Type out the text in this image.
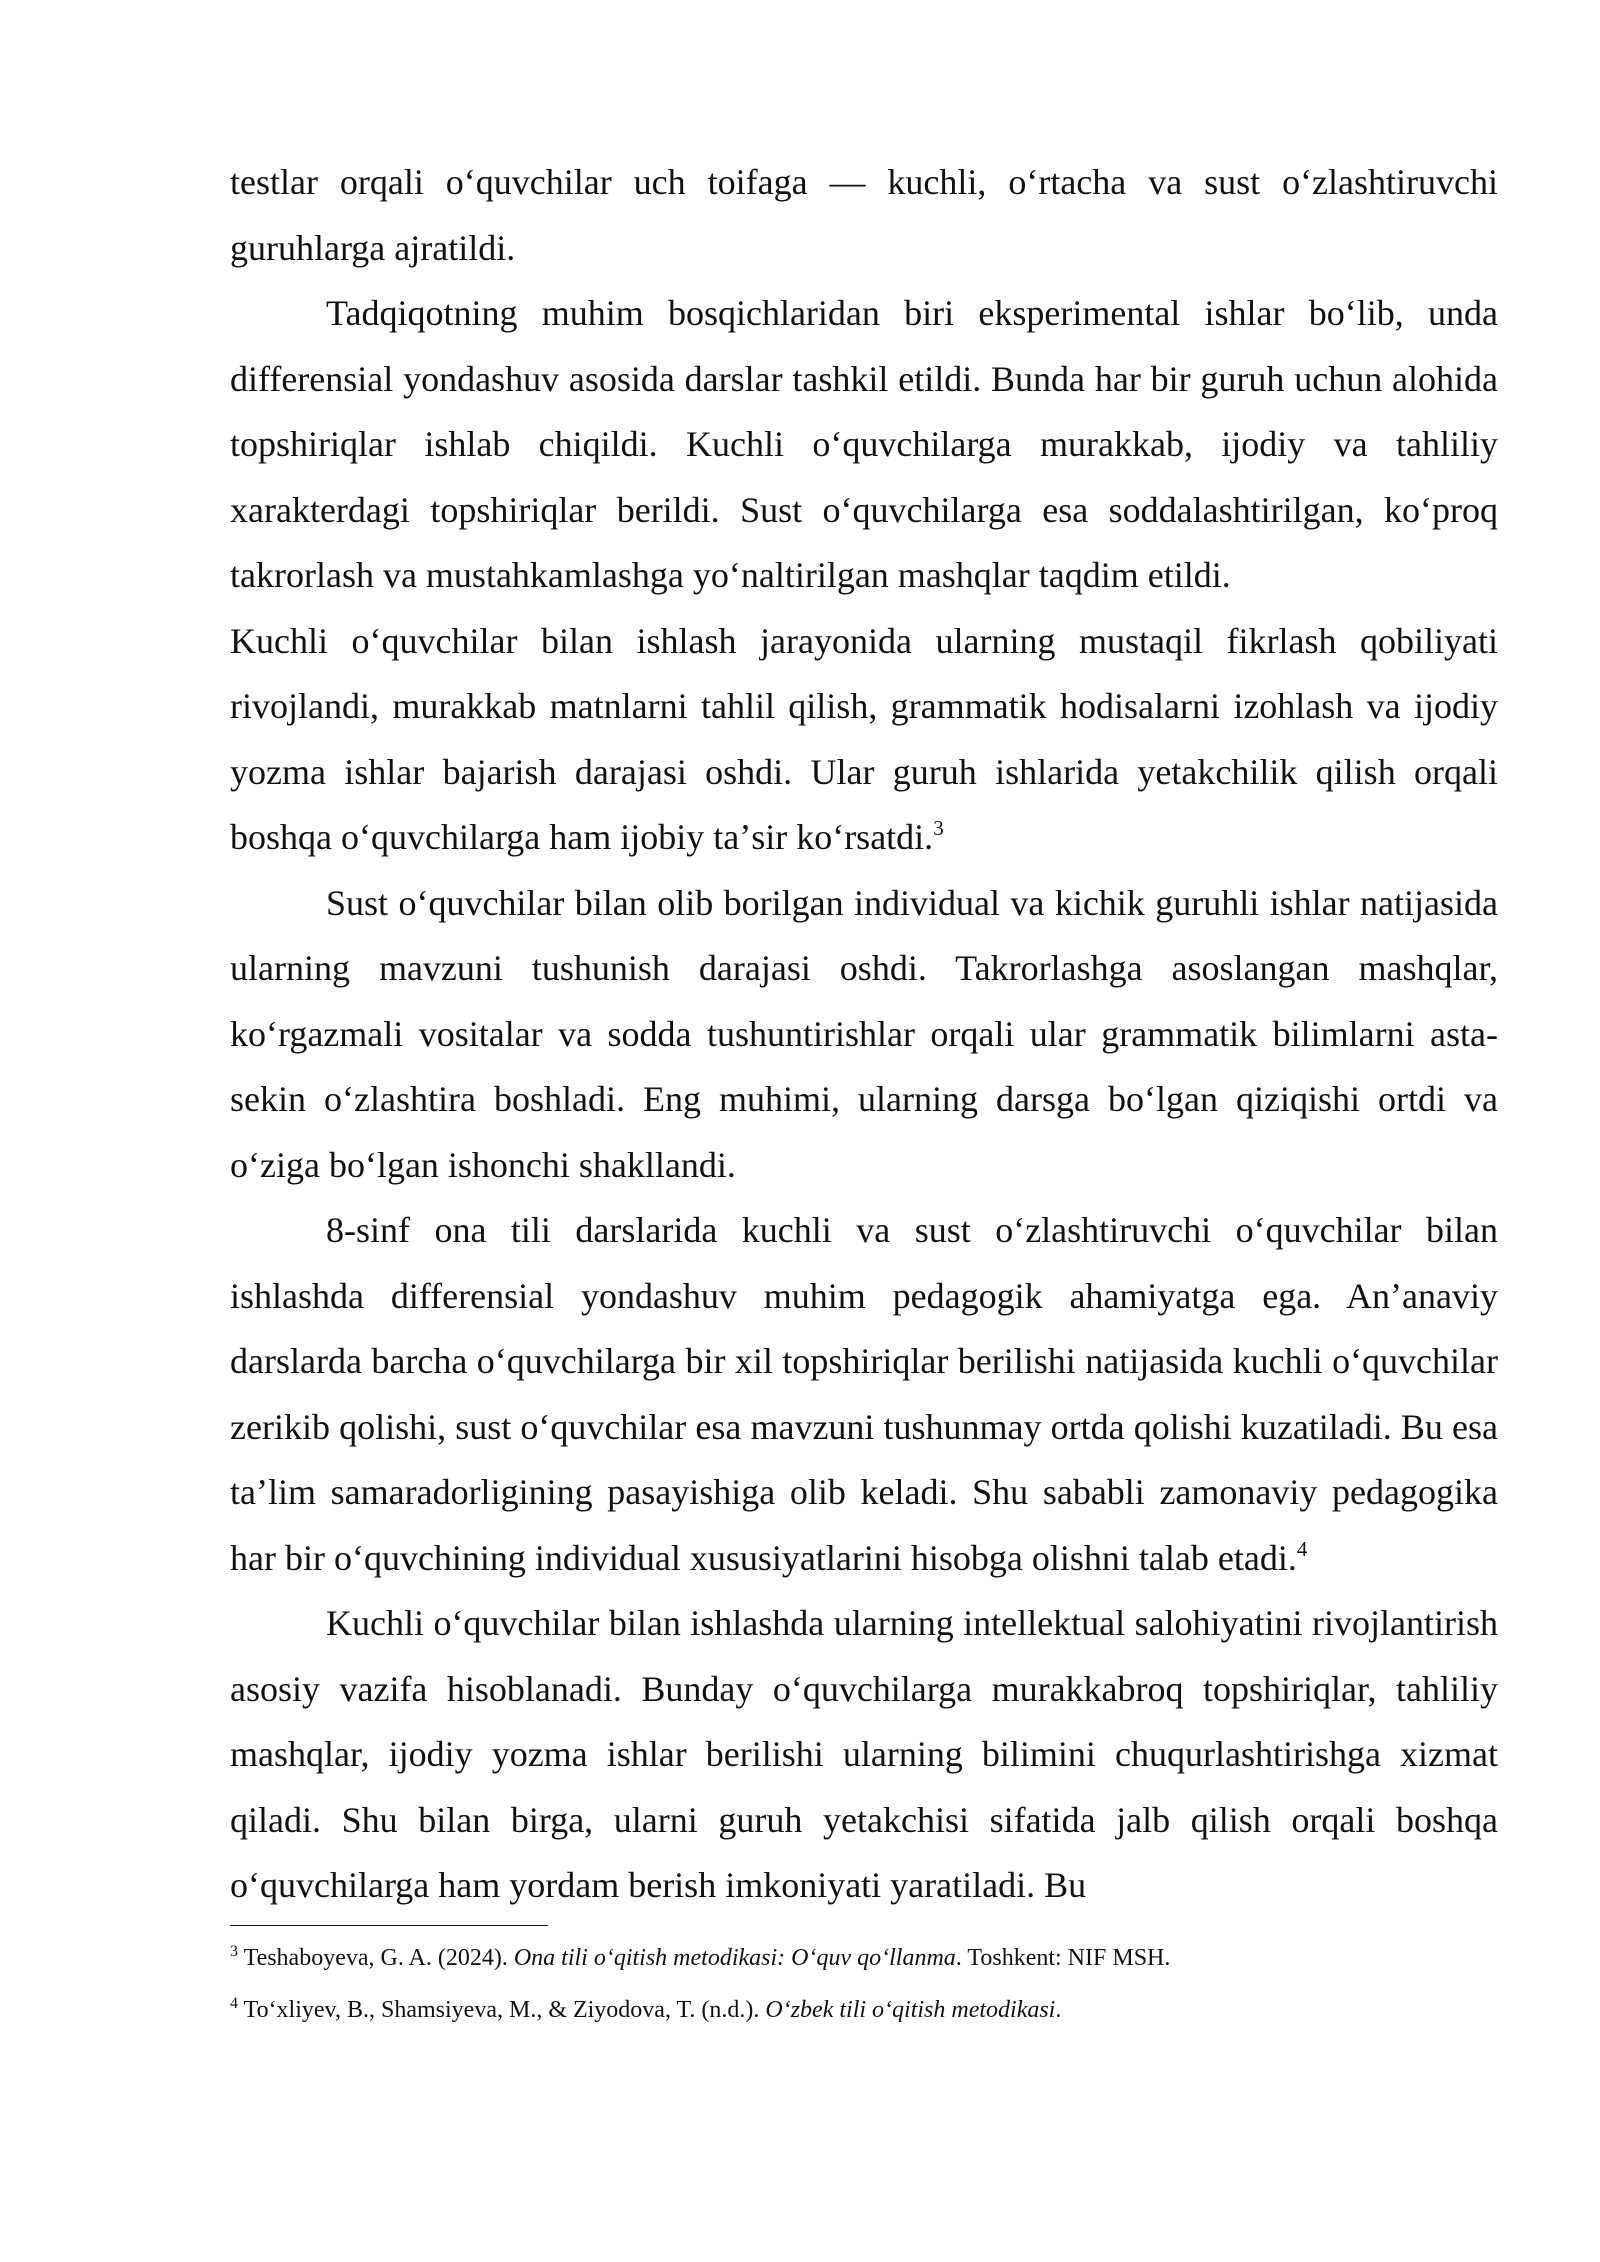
testlar orqali oʻquvchilar uch toifaga — kuchli, oʻrtacha va sust oʻzlashtiruvchi guruhlarga ajratildi.

Tadqiqotning muhim bosqichlaridan biri eksperimental ishlar boʻlib, unda differensial yondashuv asosida darslar tashkil etildi. Bunda har bir guruh uchun alohida topshiriqlar ishlab chiqildi. Kuchli oʻquvchilarga murakkab, ijodiy va tahliliy xarakterdagi topshiriqlar berildi. Sust oʻquvchilarga esa soddalashtirilgan, koʻproq takrorlash va mustahkamlashga yoʻnaltirilgan mashqlar taqdim etildi.

Kuchli oʻquvchilar bilan ishlash jarayonida ularning mustaqil fikrlash qobiliyati rivojlandi, murakkab matnlarni tahlil qilish, grammatik hodisalarni izohlash va ijodiy yozma ishlar bajarish darajasi oshdi. Ular guruh ishlarida yetakchilik qilish orqali boshqa oʻquvchilarga ham ijobiy taʼsir koʻrsatdi.$^3$

Sust oʻquvchilar bilan olib borilgan individual va kichik guruhli ishlar natijasida ularning mavzuni tushunish darajasi oshdi. Takrorlashga asoslangan mashqlar, koʻrgazmali vositalar va sodda tushuntirishlar orqali ular grammatik bilimlarni asta-sekin oʻzlashtira boshladi. Eng muhimi, ularning darsga boʻlgan qiziqishi ortdi va oʻziga boʻlgan ishonchi shakllandi.

8-sinf ona tili darslarida kuchli va sust oʻzlashtiruvchi oʻquvchilar bilan ishlashda differensial yondashuv muhim pedagogik ahamiyatga ega. Anʼanaviy darslarda barcha oʻquvchilarga bir xil topshiriqlar berilishi natijasida kuchli oʻquvchilar zerikib qolishi, sust oʻquvchilar esa mavzuni tushunmay ortda qolishi kuzatiladi. Bu esa taʼlim samaradorligining pasayishiga olib keladi. Shu sababli zamonaviy pedagogika har bir oʻquvchining individual xususiyatlarini hisobga olishni talab etadi.$^4$

Kuchli oʻquvchilar bilan ishlashda ularning intellektual salohiyatini rivojlantirish asosiy vazifa hisoblanadi. Bunday oʻquvchilarga murakkabroq topshiriqlar, tahliliy mashqlar, ijodiy yozma ishlar berilishi ularning bilimini chuqurlashtirishga xizmat qiladi. Shu bilan birga, ularni guruh yetakchisi sifatida jalb qilish orqali boshqa oʻquvchilarga ham yordam berish imkoniyati yaratiladi. Bu

$^3$ Teshaboyeva, G. A. (2024). Ona tili oʻqitish metodikasi: Oʻquv qoʻllanma. Toshkent: NIF MSH.

$^4$ Toʻxliyev, B., Shamsiyeva, M., & Ziyodova, T. (n.d.). Oʻzbek tili oʻqitish metodikasi.
